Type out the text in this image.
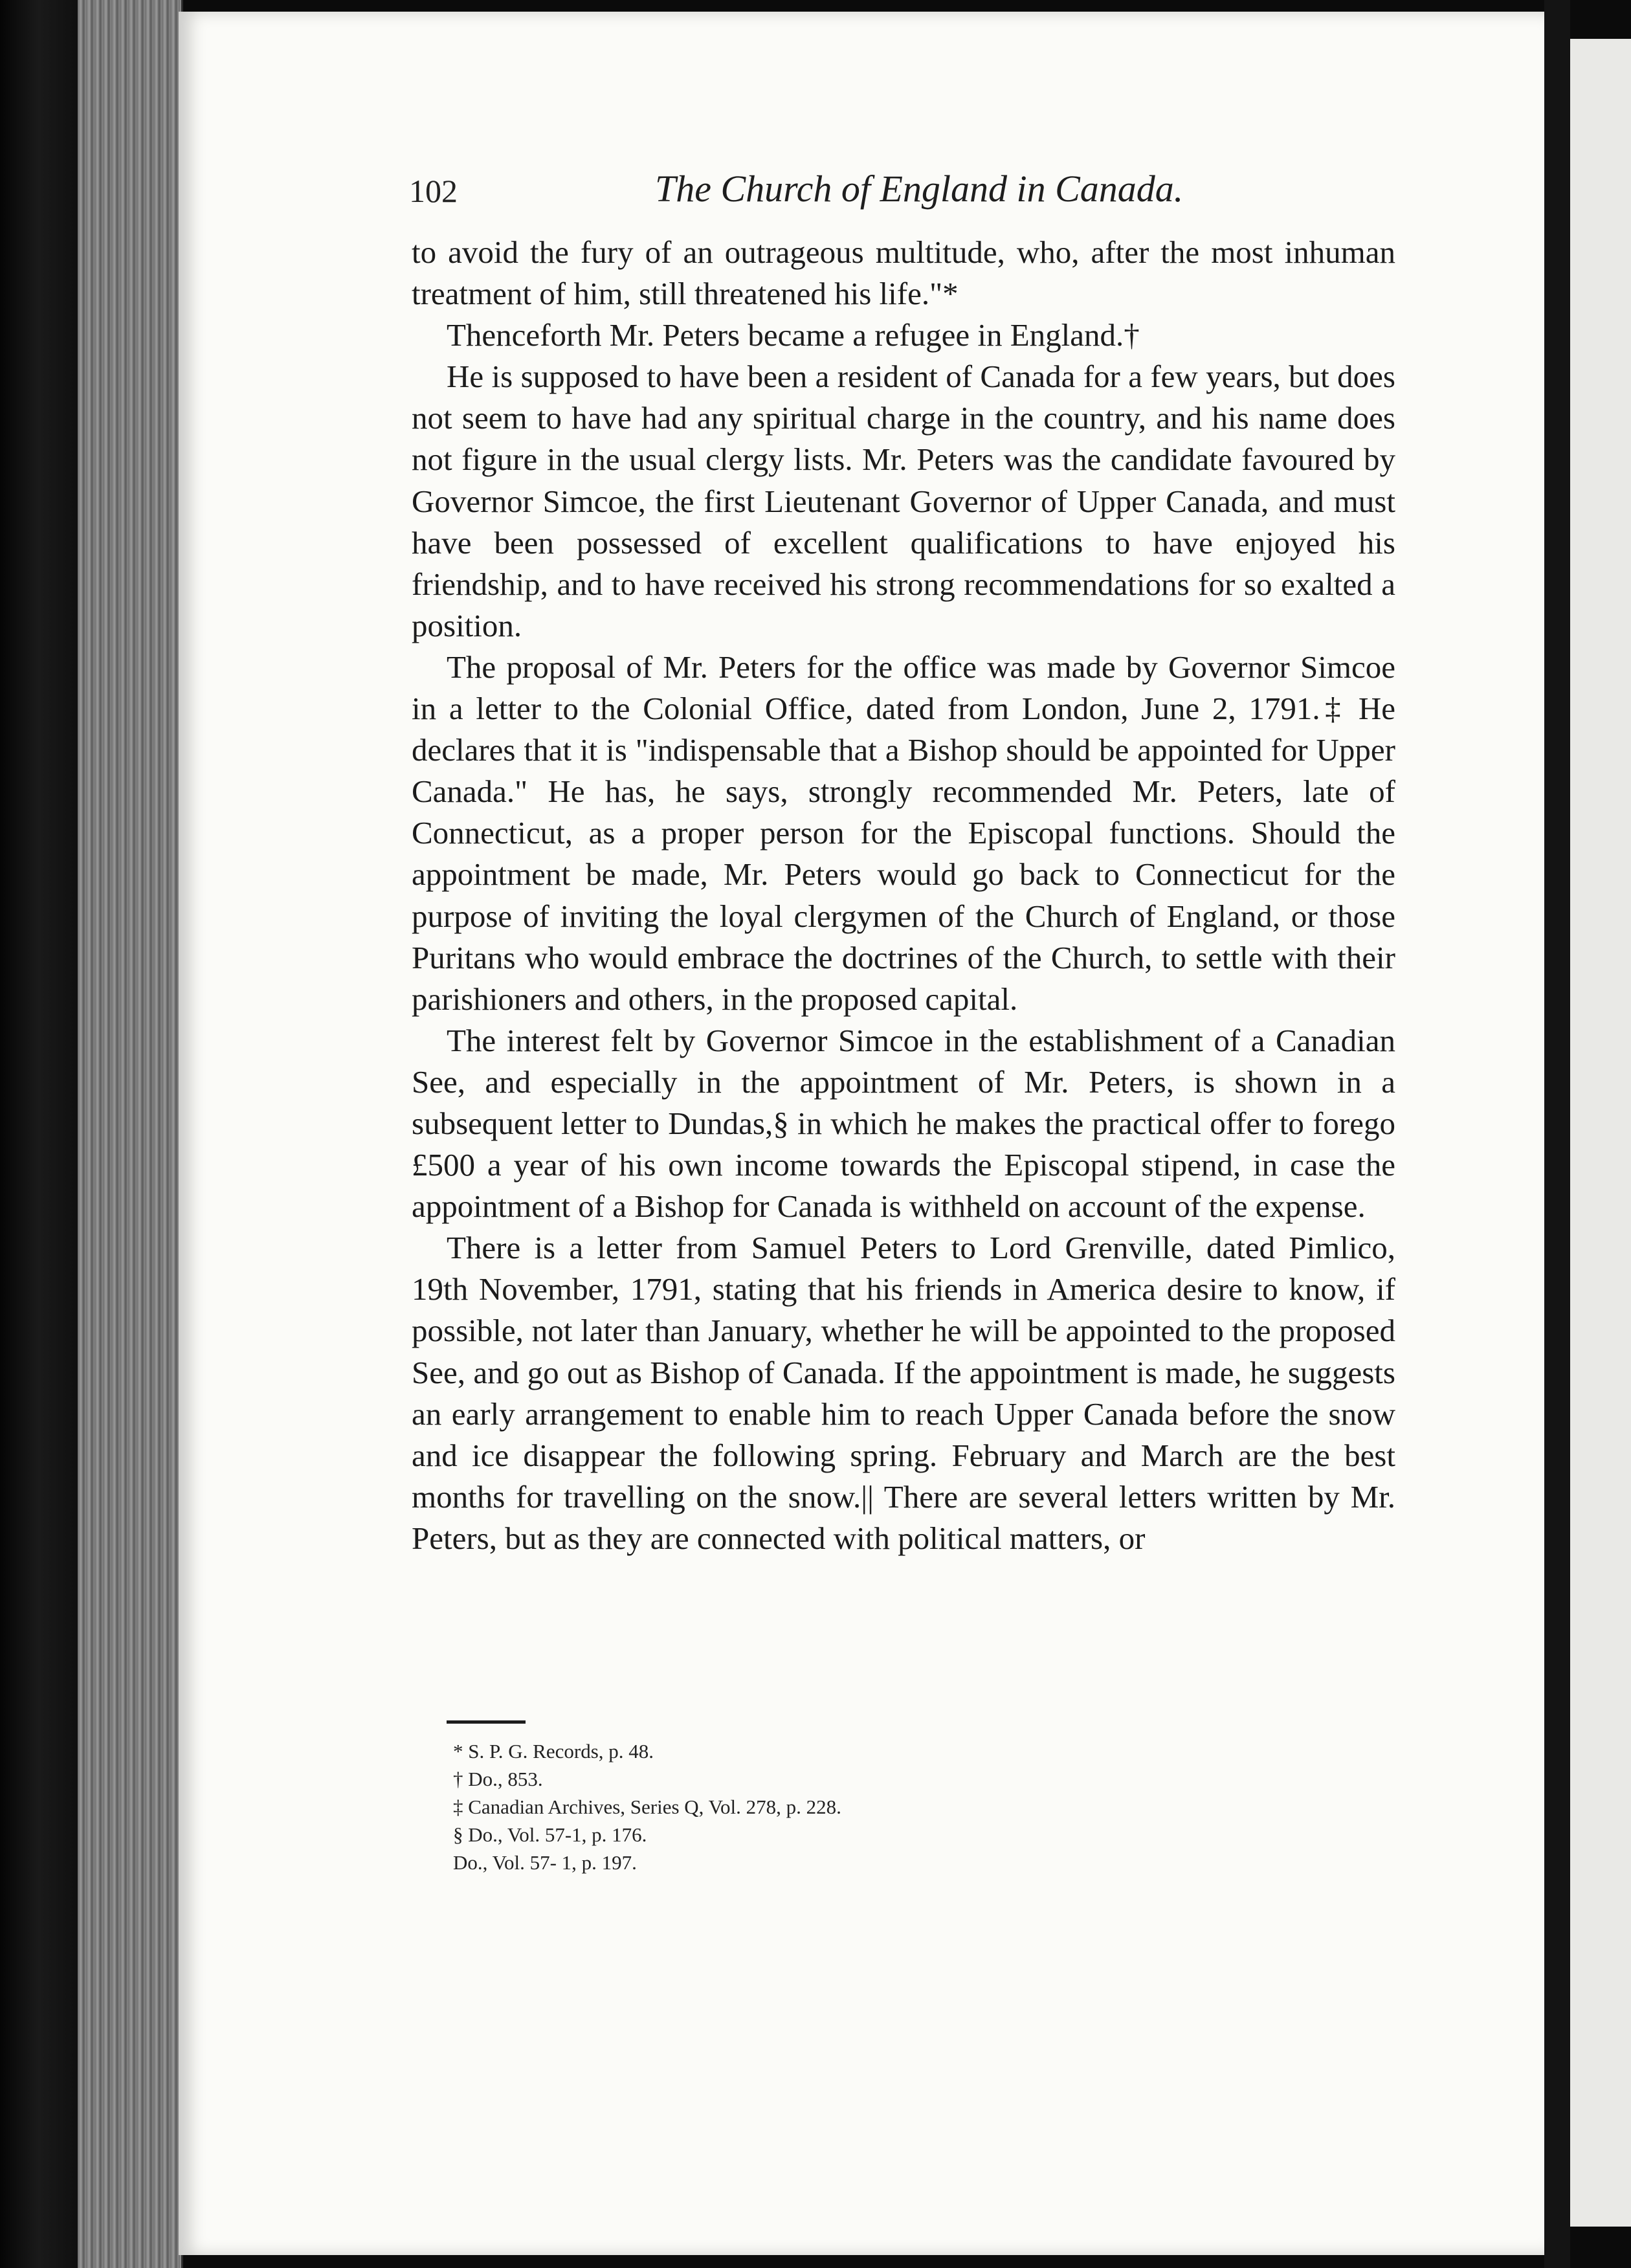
102	The Church of England in Canada.

to avoid the fury of an outrageous multitude, who, after the most inhuman treatment of him, still threatened his life."*

Thenceforth Mr. Peters became a refugee in England.†

He is supposed to have been a resident of Canada for a few years, but does not seem to have had any spiritual charge in the country, and his name does not figure in the usual clergy lists. Mr. Peters was the candidate favoured by Governor Simcoe, the first Lieutenant Governor of Upper Canada, and must have been possessed of excellent qualifications to have enjoyed his friendship, and to have received his strong recommendations for so exalted a position.

The proposal of Mr. Peters for the office was made by Governor Simcoe in a letter to the Colonial Office, dated from London, June 2, 1791.‡ He declares that it is "indispensable that a Bishop should be appointed for Upper Canada." He has, he says, strongly recommended Mr. Peters, late of Connecticut, as a proper person for the Episcopal functions. Should the appointment be made, Mr. Peters would go back to Connecticut for the purpose of inviting the loyal clergymen of the Church of England, or those Puritans who would embrace the doctrines of the Church, to settle with their parishioners and others, in the proposed capital.

The interest felt by Governor Simcoe in the establishment of a Canadian See, and especially in the appointment of Mr. Peters, is shown in a subsequent letter to Dundas,§ in which he makes the practical offer to forego £500 a year of his own income towards the Episcopal stipend, in case the appointment of a Bishop for Canada is withheld on account of the expense.

There is a letter from Samuel Peters to Lord Grenville, dated Pimlico, 19th November, 1791, stating that his friends in America desire to know, if possible, not later than January, whether he will be appointed to the proposed See, and go out as Bishop of Canada. If the appointment is made, he suggests an early arrangement to enable him to reach Upper Canada before the snow and ice disappear the following spring. February and March are the best months for travelling on the snow.|| There are several letters written by Mr. Peters, but as they are connected with political matters, or

* S. P. G. Records, p. 48.
† Do., 853.
‡ Canadian Archives, Series Q, Vol. 278, p. 228.
§ Do., Vol. 57-1, p. 176.
Do., Vol. 57- 1, p. 197.
